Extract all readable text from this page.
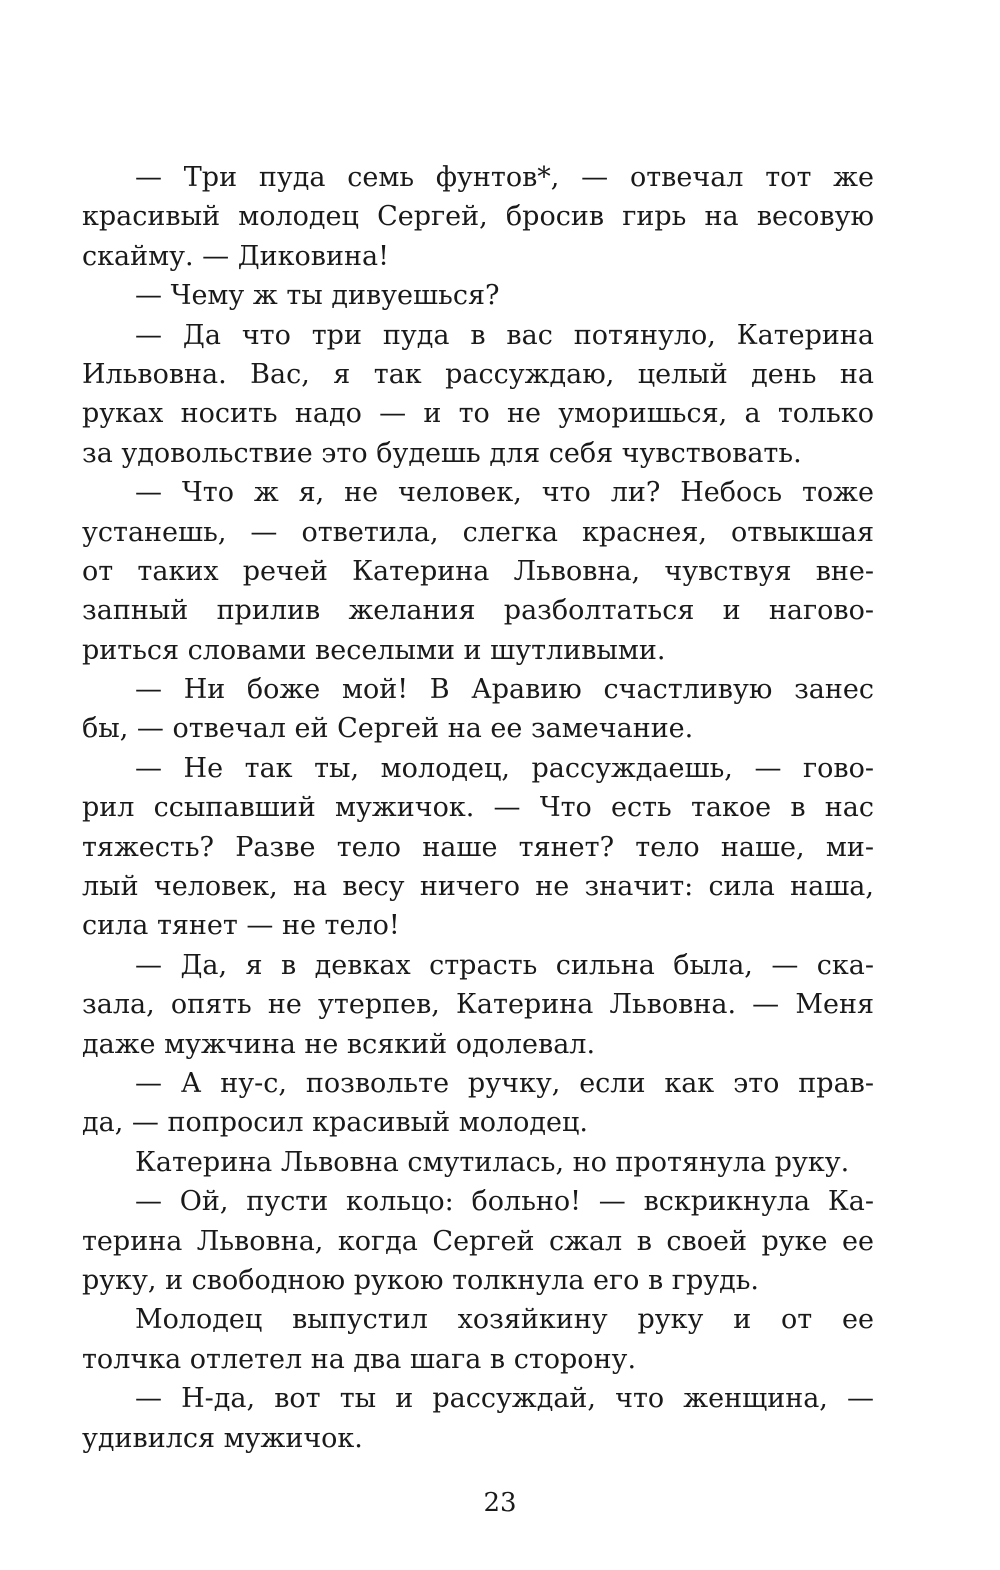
— Три пуда семь фунтов*, — отвечал тот же
красивый молодец Сергей, бросив гирь на весовую
скайму. — Диковина!
— Чему ж ты дивуешься?
— Да что три пуда в вас потянуло, Катерина
Ильвовна. Вас, я так рассуждаю, целый день на
руках носить надо — и то не уморишься, а только
за удовольствие это будешь для себя чувствовать.
— Что ж я, не человек, что ли? Небось тоже
устанешь, — ответила, слегка краснея, отвыкшая
от таких речей Катерина Львовна, чувствуя вне-
запный прилив желания разболтаться и нагово-
риться словами веселыми и шутливыми.
— Ни боже мой! В Аравию счастливую занес
бы, — отвечал ей Сергей на ее замечание.
— Не так ты, молодец, рассуждаешь, — гово-
рил ссыпавший мужичок. — Что есть такое в нас
тяжесть? Разве тело наше тянет? тело наше, ми-
лый человек, на весу ничего не значит: сила наша,
сила тянет — не тело!
— Да, я в девках страсть сильна была, — ска-
зала, опять не утерпев, Катерина Львовна. — Меня
даже мужчина не всякий одолевал.
— А ну-с, позвольте ручку, если как это прав-
да, — попросил красивый молодец.
Катерина Львовна смутилась, но протянула руку.
— Ой, пусти кольцо: больно! — вскрикнула Ка-
терина Львовна, когда Сергей сжал в своей руке ее
руку, и свободною рукою толкнула его в грудь.
Молодец выпустил хозяйкину руку и от ее
толчка отлетел на два шага в сторону.
— Н-да, вот ты и рассуждай, что женщина, —
удивился мужичок.
23
